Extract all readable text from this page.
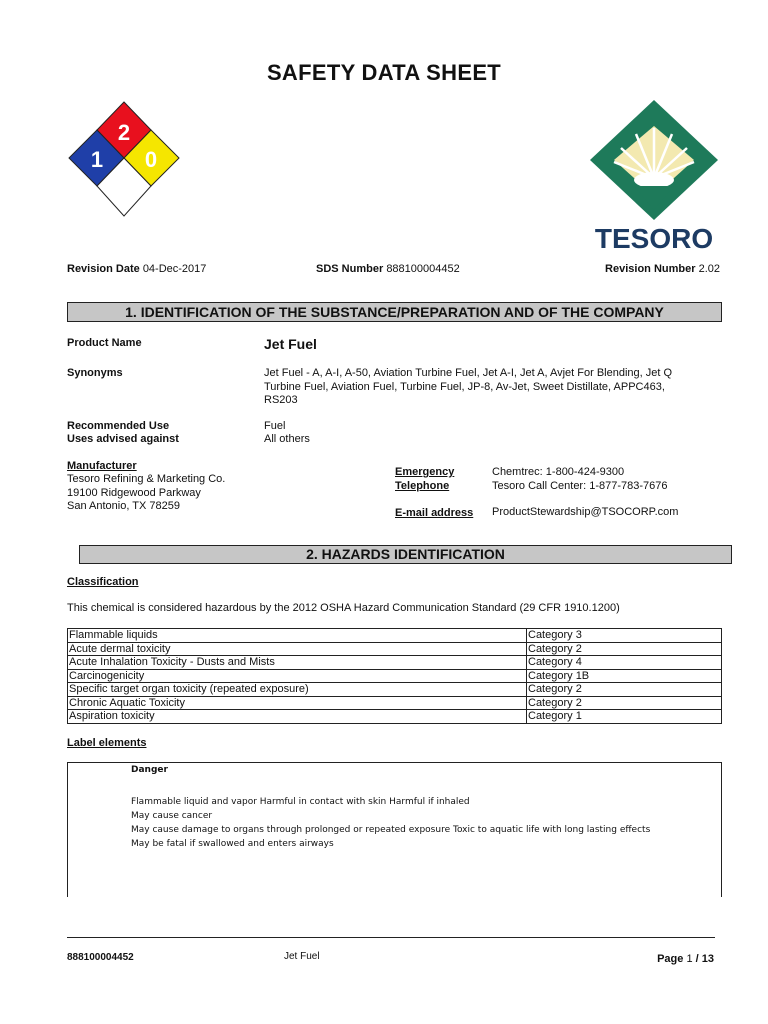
SAFETY DATA SHEET
2
1 0
TESORO
Revision Date 04-Dec-2017	SDS Number 888100004452	Revision Number 2.02
1. IDENTIFICATION OF THE SUBSTANCE/PREPARATION AND OF THE COMPANY
Product Name	Jet Fuel
Synonyms	Jet Fuel - A, A-I, A-50, Aviation Turbine Fuel, Jet A-I, Jet A, Avjet For Blending, Jet Q
Turbine Fuel, Aviation Fuel, Turbine Fuel, JP-8, Av-Jet, Sweet Distillate, APPC463,
RS203
Recommended Use	Fuel
Uses advised against	All others
Manufacturer
Tesoro Refining & Marketing Co.
19100 Ridgewood Parkway
San Antonio, TX 78259
Emergency
Telephone
Chemtrec: 1-800-424-9300
Tesoro Call Center: 1-877-783-7676
E-mail address ProductStewardship@TSOCORP.com
2. HAZARDS IDENTIFICATION
Classification
This chemical is considered hazardous by the 2012 OSHA Hazard Communication Standard (29 CFR 1910.1200)
Flammable liquids	Category 3
Acute dermal toxicity	Category 2
Acute Inhalation Toxicity - Dusts and Mists	Category 4
Carcinogenicity	Category 1B
Specific target organ toxicity (repeated exposure)	Category 2
Chronic Aquatic Toxicity	Category 2
Aspiration toxicity	Category 1
Label elements
Danger
Flammable liquid and vapor Harmful in contact with skin Harmful if inhaled
May cause cancer
May cause damage to organs through prolonged or repeated exposure Toxic to aquatic life with long lasting effects
May be fatal if swallowed and enters airways
888100004452	Jet Fuel	Page 1 / 13
